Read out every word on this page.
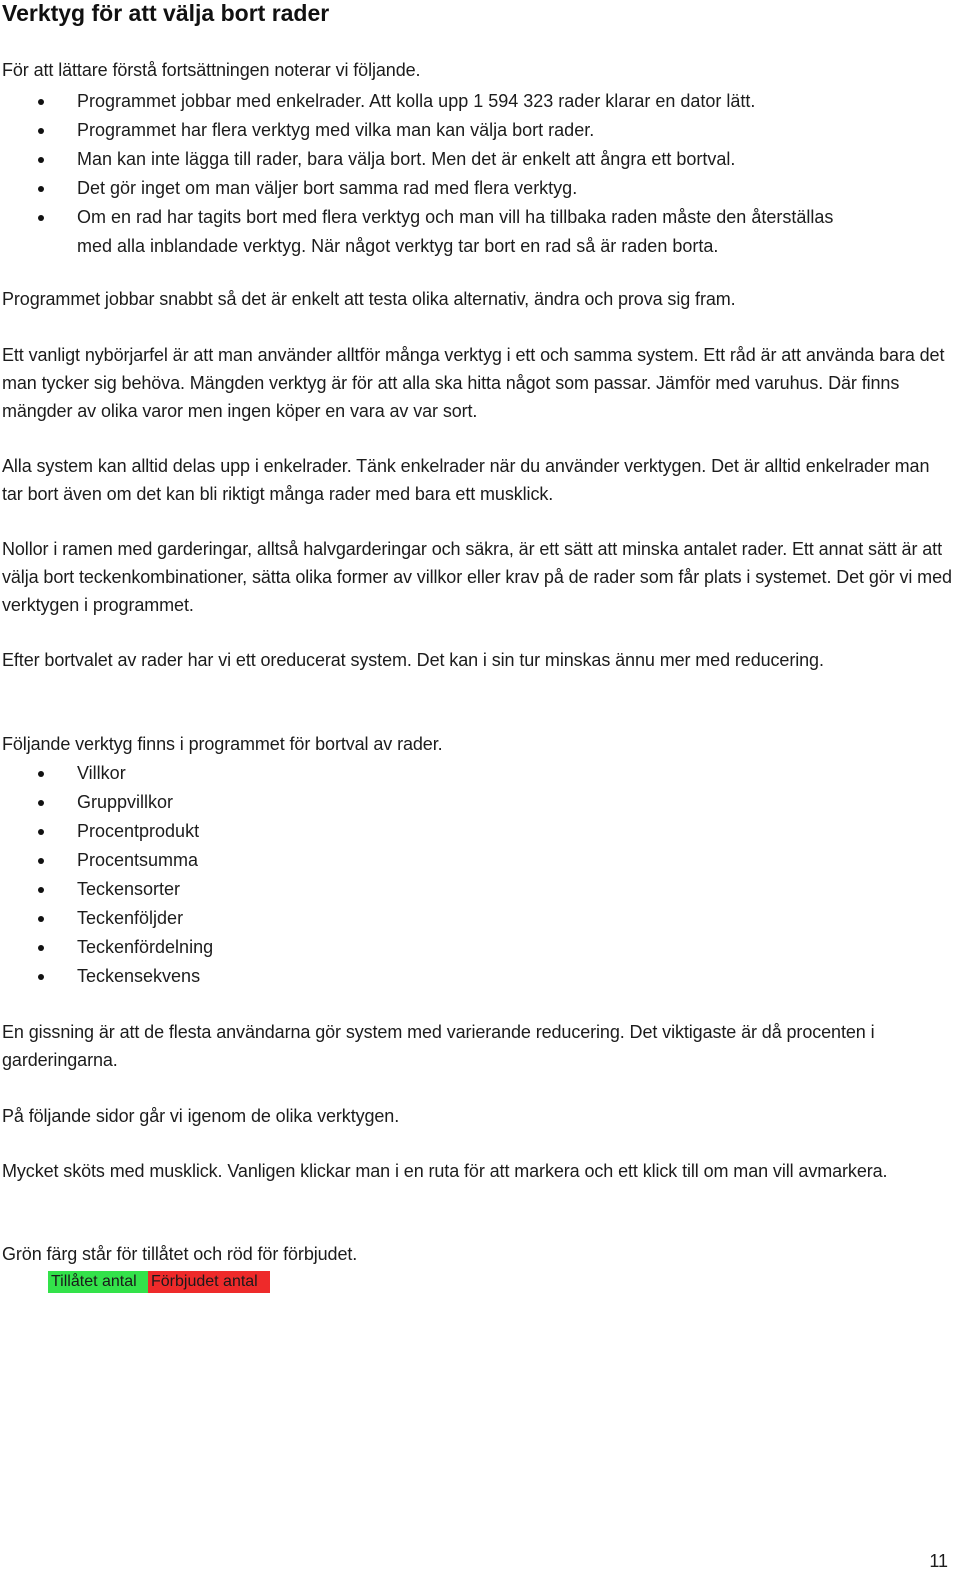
Verktyg för att välja bort rader

För att lättare förstå fortsättningen noterar vi följande.

Programmet jobbar med enkelrader. Att kolla upp 1 594 323 rader klarar en dator lätt.
Programmet har flera verktyg med vilka man kan välja bort rader.
Man kan inte lägga till rader, bara välja bort. Men det är enkelt att ångra ett bortval.
Det gör inget om man väljer bort samma rad med flera verktyg.
Om en rad har tagits bort med flera verktyg och man vill ha tillbaka raden måste den återställas med alla inblandade verktyg. När något verktyg tar bort en rad så är raden borta.

Programmet jobbar snabbt så det är enkelt att testa olika alternativ, ändra och prova sig fram.

Ett vanligt nybörjarfel är att man använder alltför många verktyg i ett och samma system. Ett råd är att använda bara det man tycker sig behöva. Mängden verktyg är för att alla ska hitta något som passar. Jämför med varuhus. Där finns mängder av olika varor men ingen köper en vara av var sort.

Alla system kan alltid delas upp i enkelrader. Tänk enkelrader när du använder verktygen. Det är alltid enkelrader man tar bort även om det kan bli riktigt många rader med bara ett musklick.

Nollor i ramen med garderingar, alltså halvgarderingar och säkra, är ett sätt att minska antalet rader. Ett annat sätt är att välja bort teckenkombinationer, sätta olika former av villkor eller krav på de rader som får plats i systemet. Det gör vi med verktygen i programmet.

Efter bortvalet av rader har vi ett oreducerat system. Det kan i sin tur minskas ännu mer med reducering.

Följande verktyg finns i programmet för bortval av rader.

Villkor
Gruppvillkor
Procentprodukt
Procentsumma
Teckensorter
Teckenföljder
Teckenfördelning
Teckensekvens

En gissning är att de flesta användarna gör system med varierande reducering. Det viktigaste är då procenten i garderingarna.

På följande sidor går vi igenom de olika verktygen.

Mycket sköts med musklick. Vanligen klickar man i en ruta för att markera och ett klick till om man vill avmarkera.

Grön färg står för tillåtet och röd för förbjudet.

Tillåtet antal Förbjudet antal
11
